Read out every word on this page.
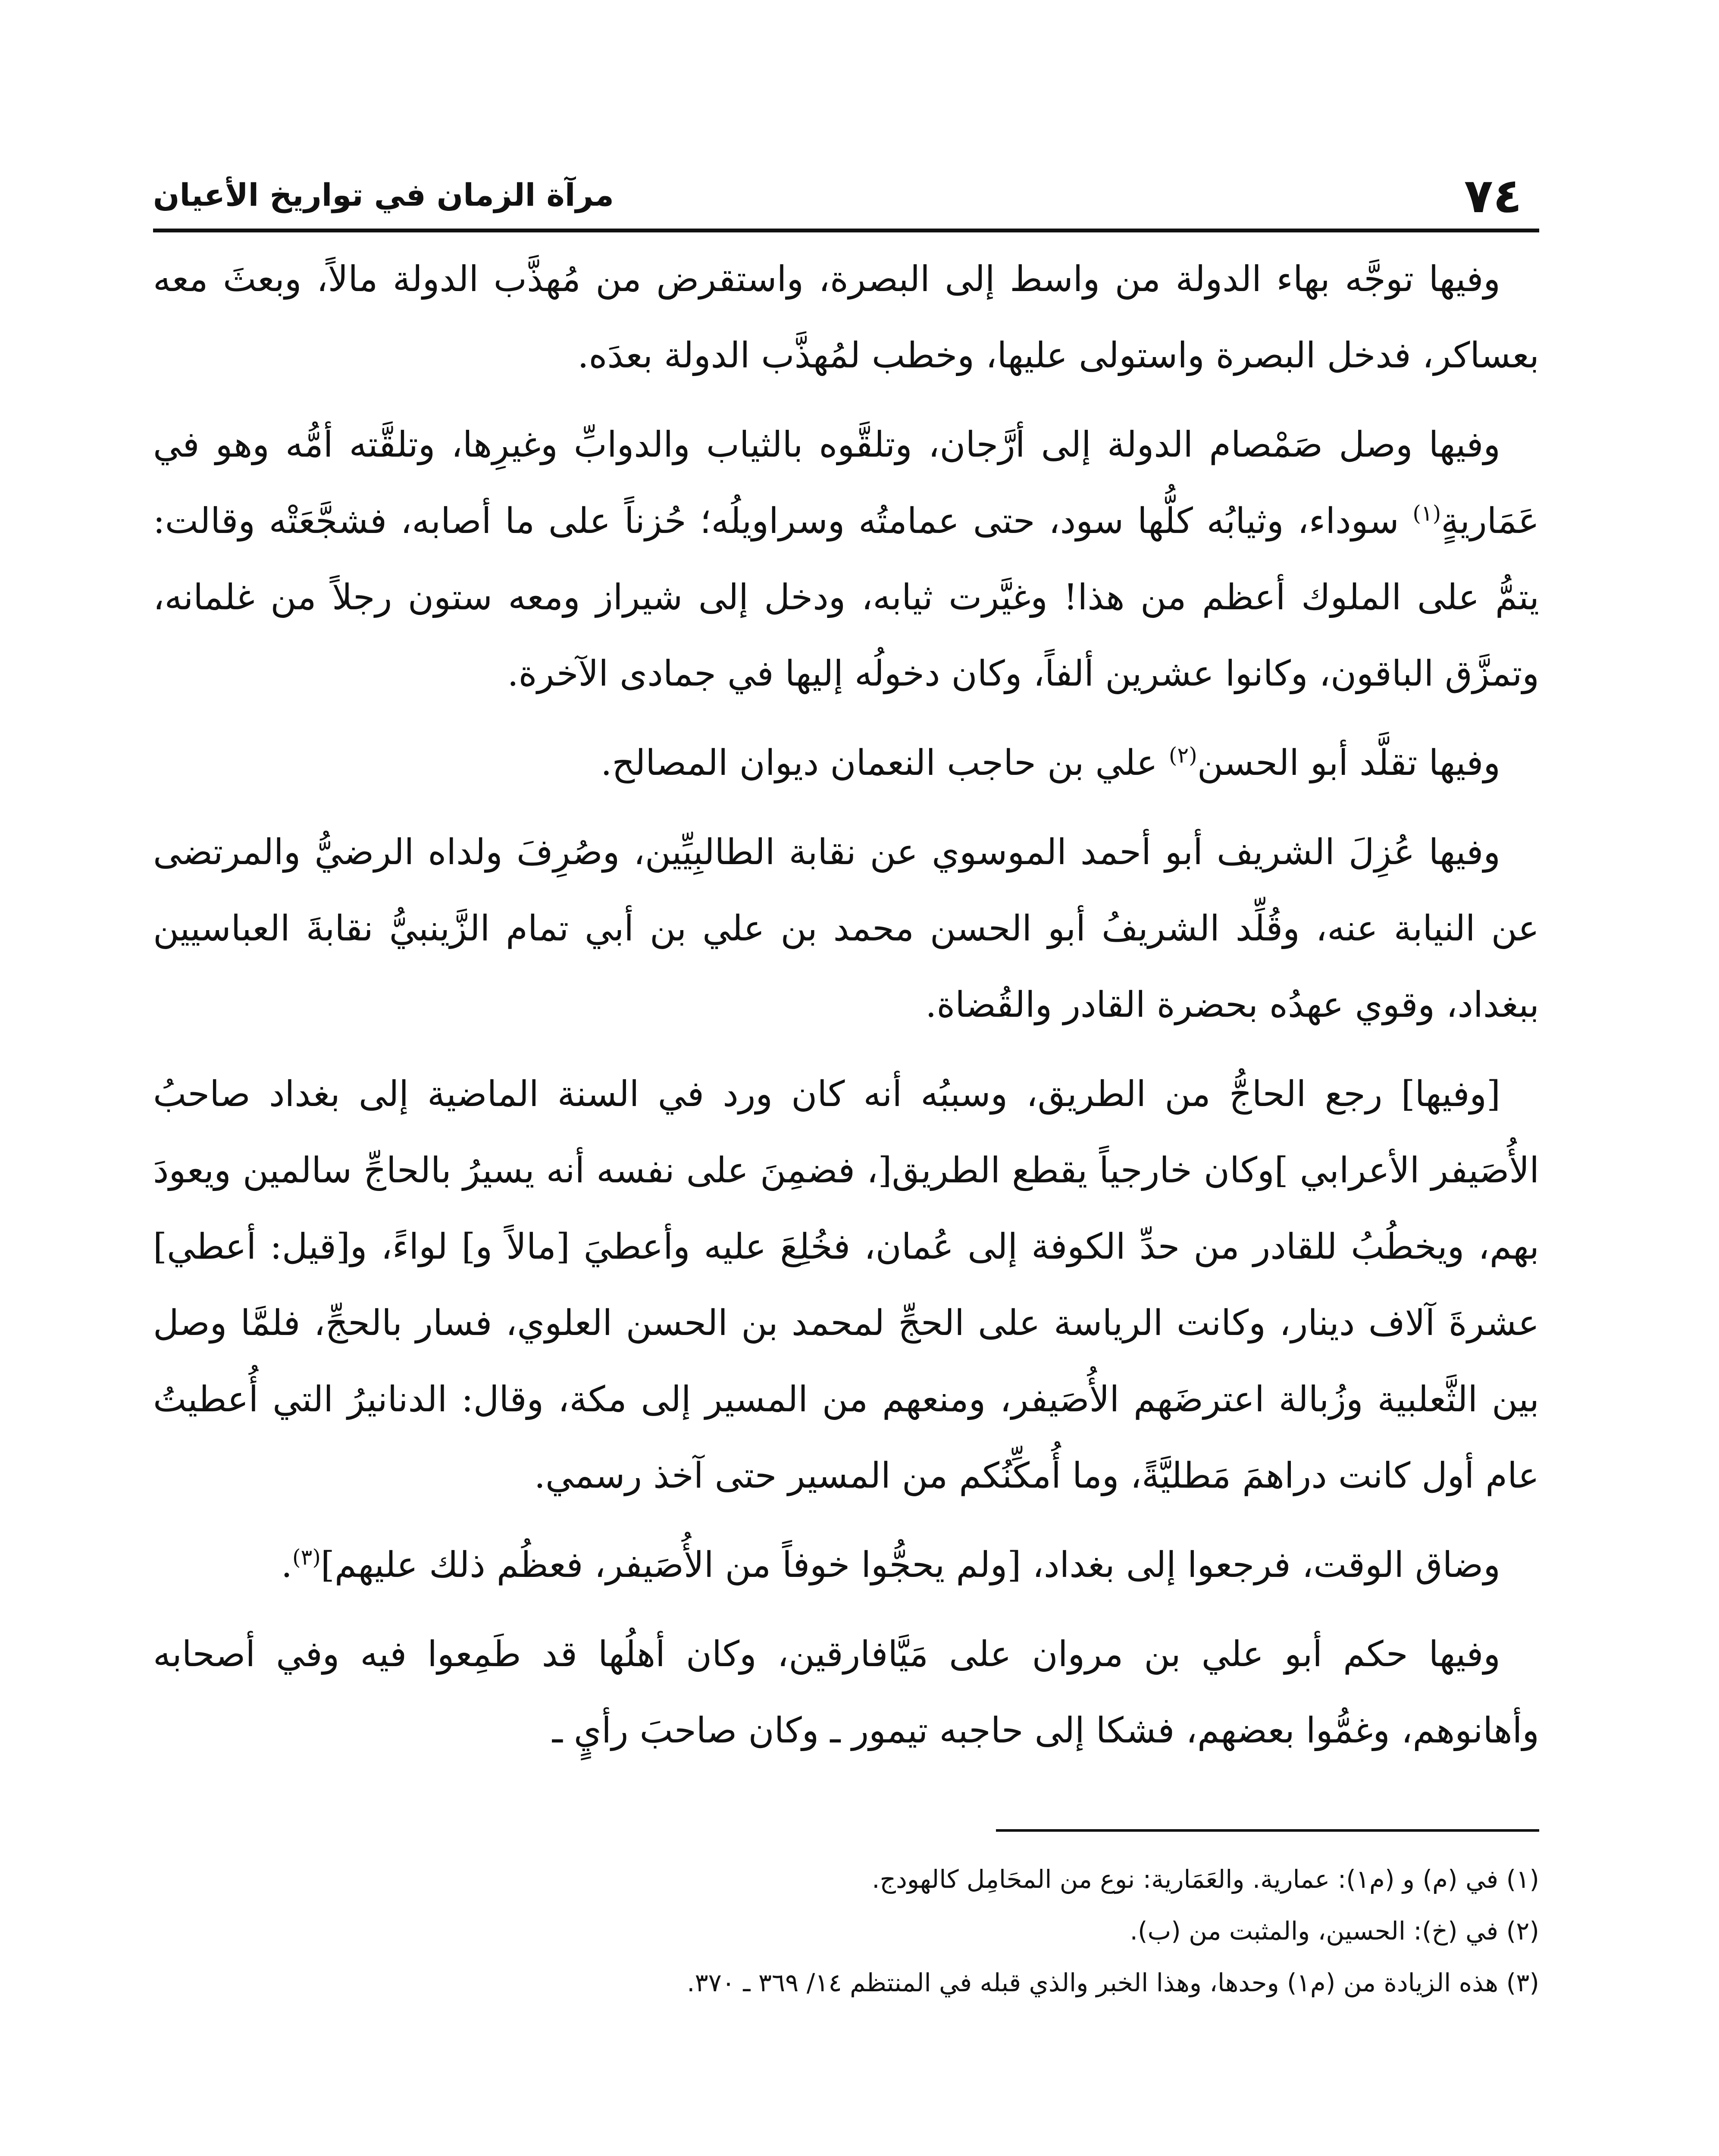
٧٤
مرآة الزمان في تواريخ الأعيان

وفيها توجَّه بهاء الدولة من واسط إلى البصرة، واستقرض من مُهذَّب الدولة مالاً، وبعثَ معه بعساكر، فدخل البصرة واستولى عليها، وخطب لمُهذَّب الدولة بعدَه.

وفيها وصل صَمْصام الدولة إلى أرَّجان، وتلقَّوه بالثياب والدوابِّ وغيرِها، وتلقَّته أمُّه وهو في عَمَاريةٍ$^{(١)}$ سوداء، وثيابُه كلُّها سود، حتى عمامتُه وسراويلُه؛ حُزناً على ما أصابه، فشجَّعَتْه وقالت: يتمُّ على الملوك أعظم من هذا! وغيَّرت ثيابه، ودخل إلى شيراز ومعه ستون رجلاً من غلمانه، وتمزَّق الباقون، وكانوا عشرين ألفاً، وكان دخولُه إليها في جمادى الآخرة.

وفيها تقلَّد أبو الحسن$^{(٢)}$ علي بن حاجب النعمان ديوان المصالح.

وفيها عُزِلَ الشريف أبو أحمد الموسوي عن نقابة الطالبِيِّين، وصُرِفَ ولداه الرضيُّ والمرتضى عن النيابة عنه، وقُلِّد الشريفُ أبو الحسن محمد بن علي بن أبي تمام الزَّينبيُّ نقابةَ العباسيين ببغداد، وقوي عهدُه بحضرة القادر والقُضاة.

[وفيها] رجع الحاجُّ من الطريق، وسببُه أنه كان ورد في السنة الماضية إلى بغداد صاحبُ الأُصَيفر الأعرابي ]وكان خارجياً يقطع الطريق[، فضمِنَ على نفسه أنه يسيرُ بالحاجِّ سالمين ويعودَ بهم، ويخطُبُ للقادر من حدِّ الكوفة إلى عُمان، فخُلِعَ عليه وأعطيَ [مالاً و] لواءً، و[قيل: أعطي] عشرةَ آلاف دينار، وكانت الرياسة على الحجِّ لمحمد بن الحسن العلوي، فسار بالحجِّ، فلمَّا وصل بين الثَّعلبية وزُبالة اعترضَهم الأُصَيفر، ومنعهم من المسير إلى مكة، وقال: الدنانيرُ التي أُعطيتُ عام أول كانت دراهمَ مَطليَّةً، وما أُمكِّنُكم من المسير حتى آخذ رسمي.

وضاق الوقت، فرجعوا إلى بغداد، [ولم يحجُّوا خوفاً من الأُصَيفر، فعظُم ذلك عليهم]$^{(٣)}$.

وفيها حكم أبو علي بن مروان على مَيَّافارقين، وكان أهلُها قد طَمِعوا فيه وفي أصحابه وأهانوهم، وغمُّوا بعضهم، فشكا إلى حاجبه تيمور ـ وكان صاحبَ رأيٍ ـ

(١) في (م) و (م١): عمارية. والعَمَارية: نوع من المحَامِل كالهودج.

(٢) في (خ): الحسين، والمثبت من (ب).

(٣) هذه الزيادة من (م١) وحدها، وهذا الخبر والذي قبله في المنتظم ١٤/ ٣٦٩ ـ ٣٧٠.
